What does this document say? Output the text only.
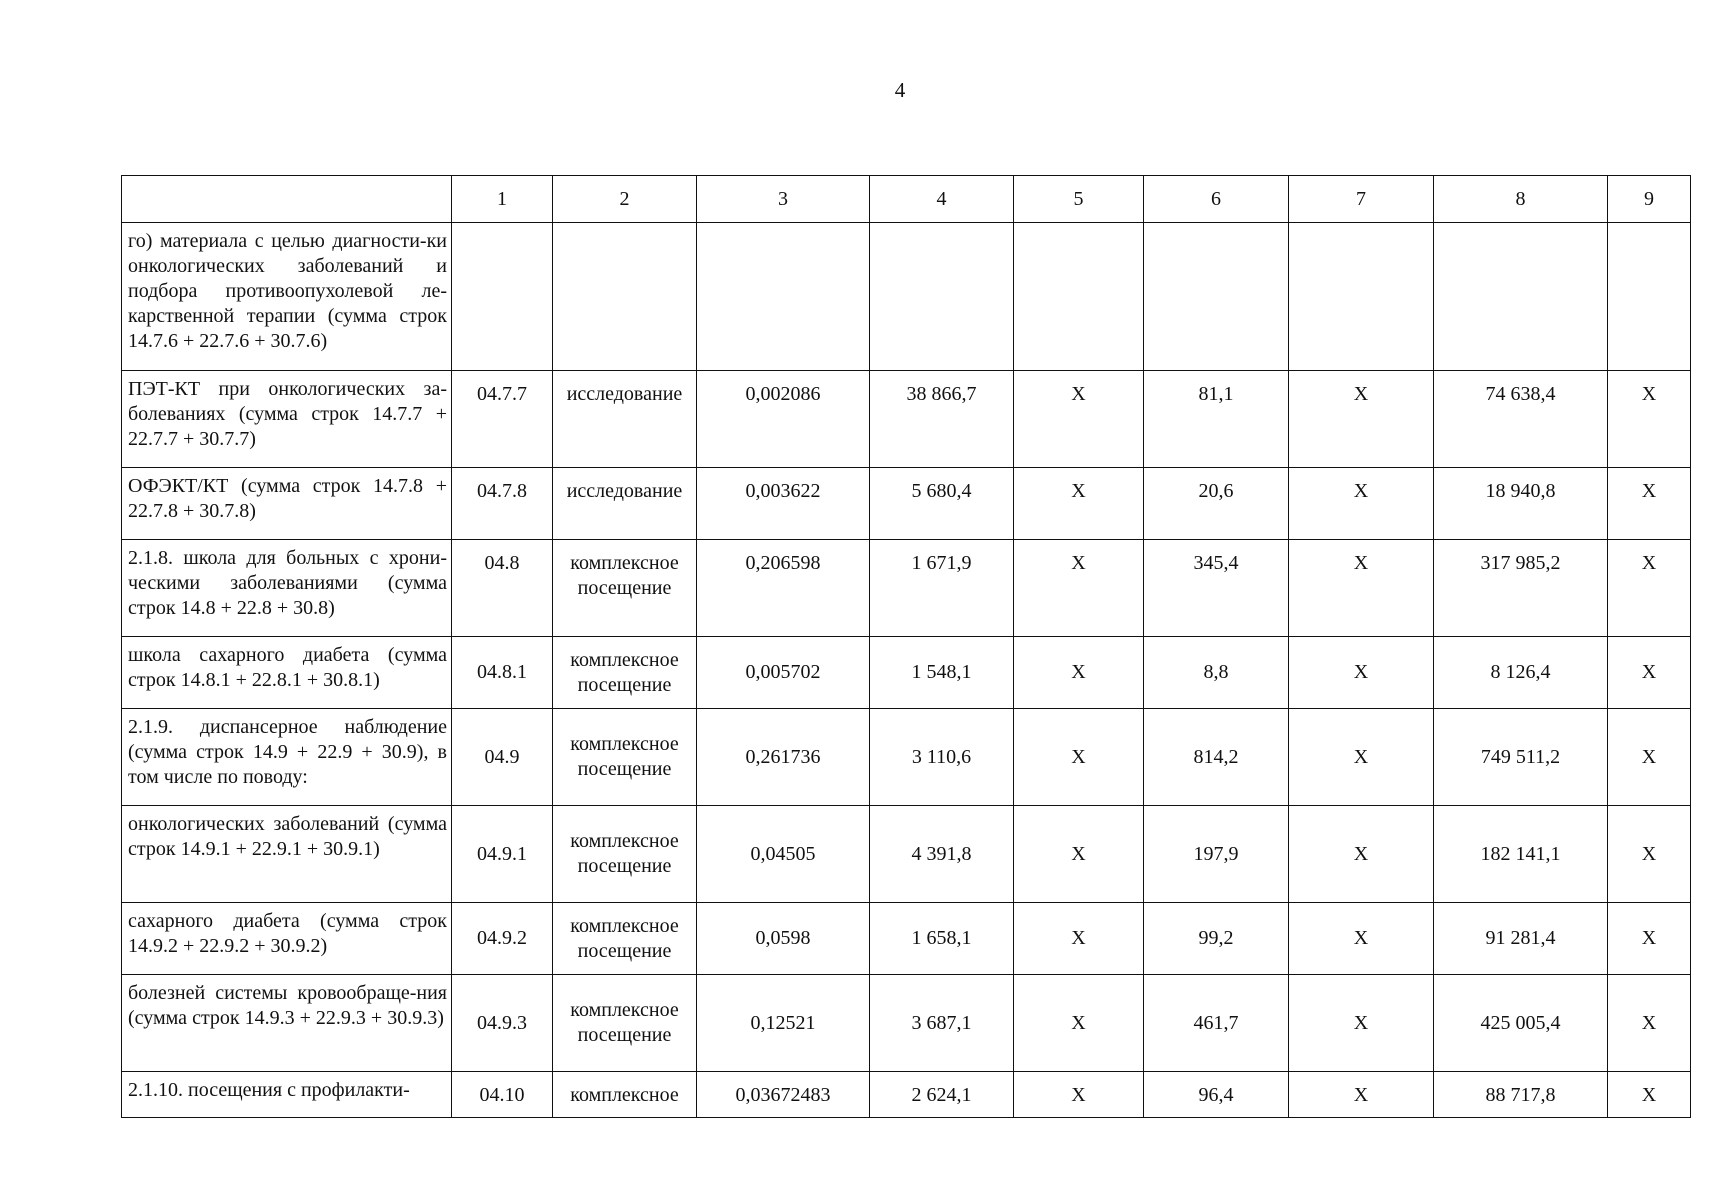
4
	1	2	3	4	5	6	7	8	9
го) материала с целью диагности-ки онкологических заболеваний и подбора противоопухолевой ле-карственной терапии (сумма строк 14.7.6 + 22.7.6 + 30.7.6)									
ПЭТ-КТ при онкологических за-болеваниях (сумма строк 14.7.7 + 22.7.7 + 30.7.7)	04.7.7	исследование	0,002086	38 866,7	X	81,1	X	74 638,4	X
ОФЭКТ/КТ (сумма строк 14.7.8 + 22.7.8 + 30.7.8)	04.7.8	исследование	0,003622	5 680,4	X	20,6	X	18 940,8	X
2.1.8. школа для больных с хрони-ческими заболеваниями (сумма строк 14.8 + 22.8 + 30.8)	04.8	комплексное посещение	0,206598	1 671,9	X	345,4	X	317 985,2	X
школа сахарного диабета (сумма строк 14.8.1 + 22.8.1 + 30.8.1)	04.8.1	комплексное посещение	0,005702	1 548,1	X	8,8	X	8 126,4	X
2.1.9. диспансерное наблюдение (сумма строк 14.9 + 22.9 + 30.9), в том числе по поводу:	04.9	комплексное посещение	0,261736	3 110,6	X	814,2	X	749 511,2	X
онкологических заболеваний (сумма строк 14.9.1 + 22.9.1 + 30.9.1)	04.9.1	комплексное посещение	0,04505	4 391,8	X	197,9	X	182 141,1	X
сахарного диабета (сумма строк 14.9.2 + 22.9.2 + 30.9.2)	04.9.2	комплексное посещение	0,0598	1 658,1	X	99,2	X	91 281,4	X
болезней системы кровообраще-ния (сумма строк 14.9.3 + 22.9.3 + 30.9.3)	04.9.3	комплексное посещение	0,12521	3 687,1	X	461,7	X	425 005,4	X
2.1.10. посещения с профилакти-	04.10	комплексное	0,03672483	2 624,1	X	96,4	X	88 717,8	X
